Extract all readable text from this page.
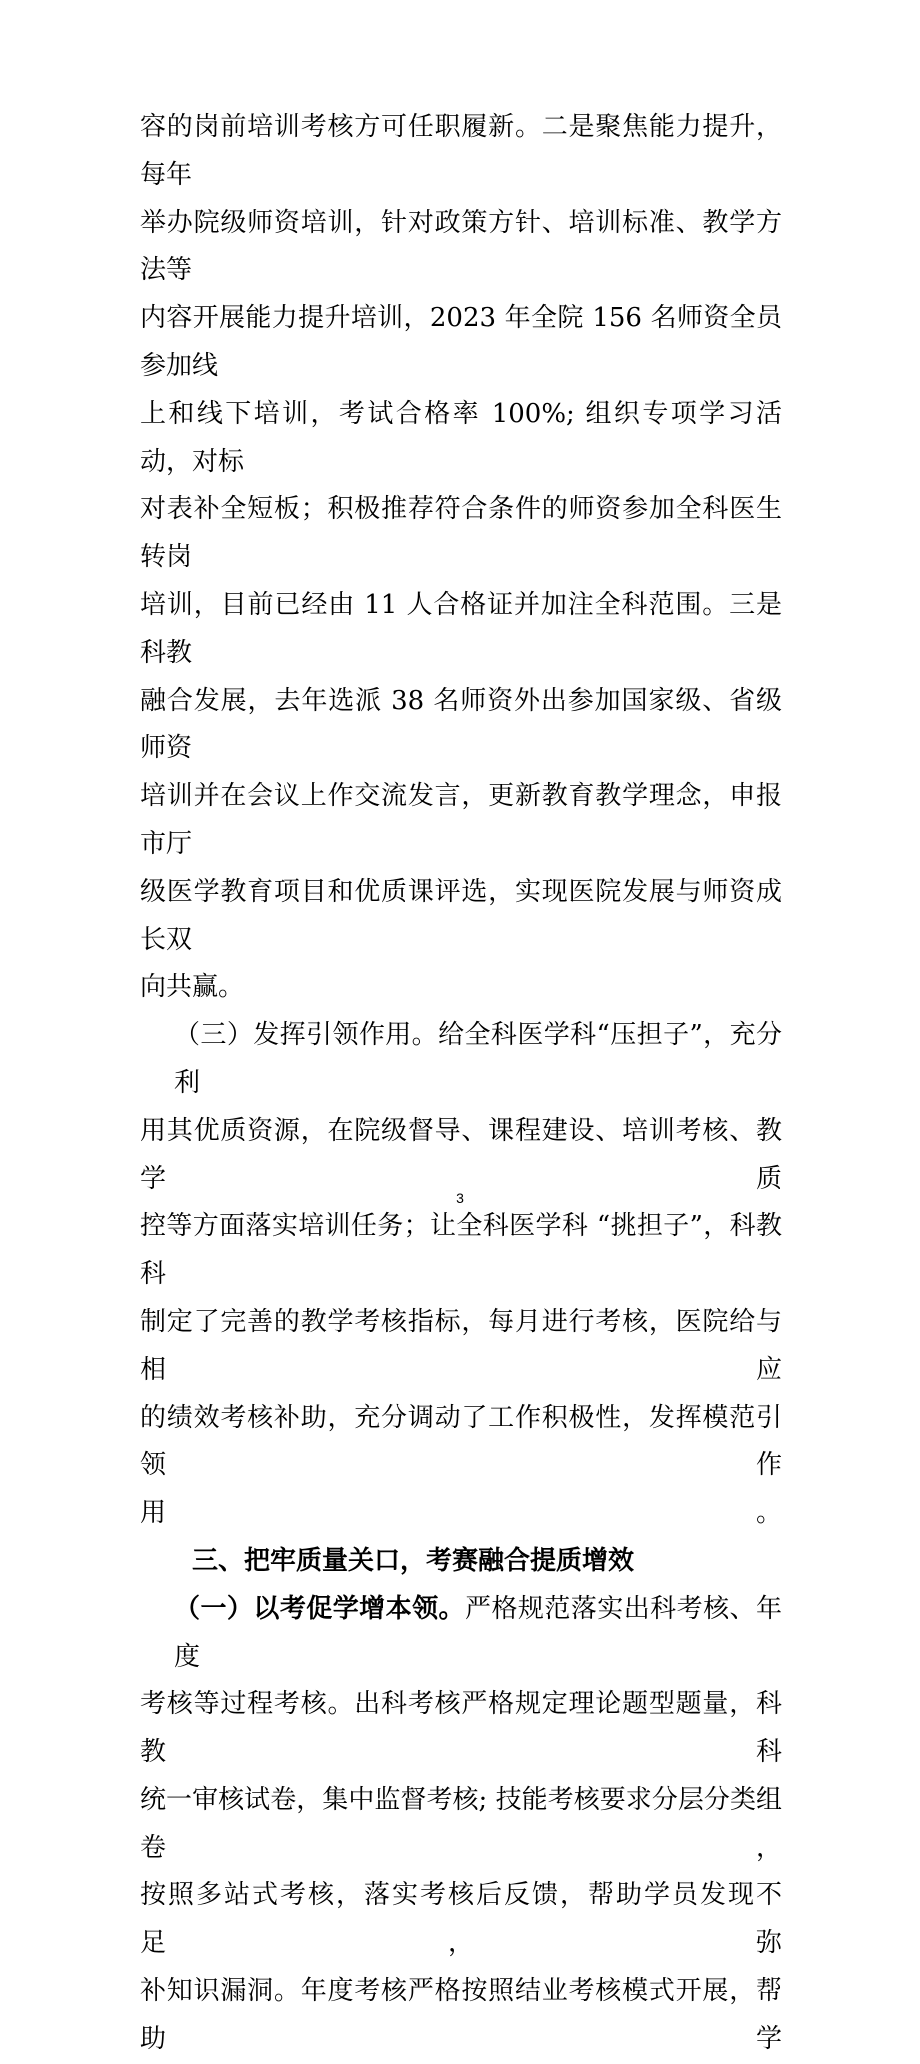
容的岗前培训考核方可任职履新。二是聚焦能力提升，每年
举办院级师资培训，针对政策方针、培训标准、教学方法等
内容开展能力提升培训，2023 年全院 156 名师资全员参加线
上和线下培训，考试合格率 100%; 组织专项学习活动，对标
对表补全短板；积极推荐符合条件的师资参加全科医生转岗
培训，目前已经由 11 人合格证并加注全科范围。三是科教
融合发展，去年选派 38 名师资外出参加国家级、省级师资
培训并在会议上作交流发言，更新教育教学理念，申报市厅
级医学教育项目和优质课评选，实现医院发展与师资成长双
向共赢。

（三）发挥引领作用。给全科医学科“压担子”，充分利
用其优质资源，在院级督导、课程建设、培训考核、教学质
控等方面落实培训任务；让全科医学科 “挑担子”，科教科
制定了完善的教学考核指标，每月进行考核，医院给与相应
的绩效考核补助，充分调动了工作积极性，发挥模范引领作
用。

三、把牢质量关口，考赛融合提质增效

（一）以考促学增本领。严格规范落实出科考核、年度
考核等过程考核。出科考核严格规定理论题型题量，科教科
统一审核试卷，集中监督考核; 技能考核要求分层分类组卷，
按照多站式考核，落实考核后反馈，帮助学员发现不足，弥
补知识漏洞。年度考核严格按照结业考核模式开展，帮助学

3
